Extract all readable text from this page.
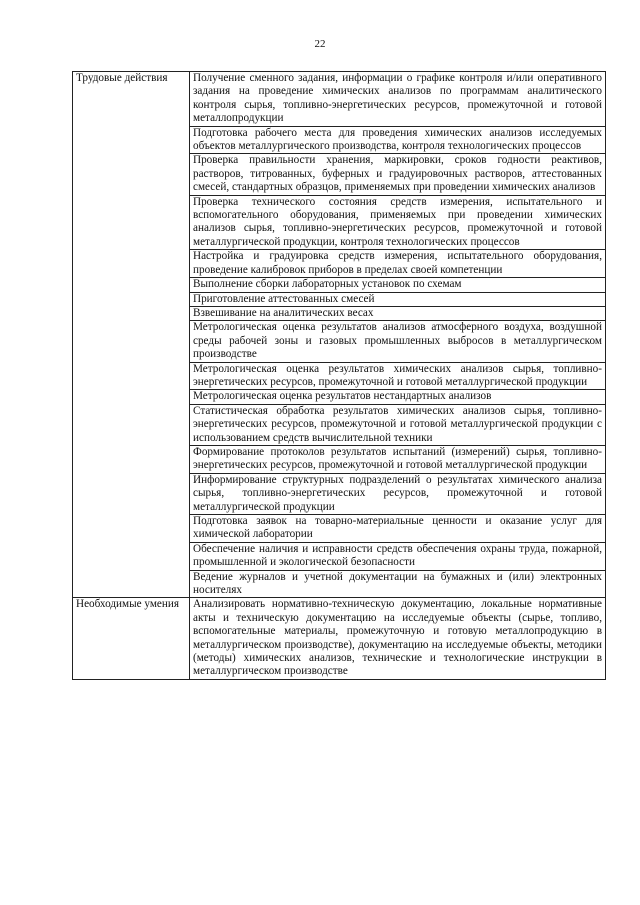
22
Трудовые действия	Получение сменного задания, информации о графике контроля и/или оперативного задания на проведение химических анализов по программам аналитического контроля сырья, топливно-энергетических ресурсов, промежуточной и готовой металлопродукции
	Подготовка рабочего места для проведения химических анализов исследуемых объектов металлургического производства, контроля технологических процессов
	Проверка правильности хранения, маркировки, сроков годности реактивов, растворов, титрованных, буферных и градуировочных растворов, аттестованных смесей, стандартных образцов, применяемых при проведении химических анализов
	Проверка технического состояния средств измерения, испытательного и вспомогательного оборудования, применяемых при проведении химических анализов сырья, топливно-энергетических ресурсов, промежуточной и готовой металлургической продукции, контроля технологических процессов
	Настройка и градуировка средств измерения, испытательного оборудования, проведение калибровок приборов в пределах своей компетенции
	Выполнение сборки лабораторных установок по схемам
	Приготовление аттестованных смесей
	Взвешивание на аналитических весах
	Метрологическая оценка результатов анализов атмосферного воздуха, воздушной среды рабочей зоны и газовых промышленных выбросов в металлургическом производстве
	Метрологическая оценка результатов химических анализов сырья, топливно-энергетических ресурсов, промежуточной и готовой металлургической продукции
	Метрологическая оценка результатов нестандартных анализов
	Статистическая обработка результатов химических анализов сырья, топливно-энергетических ресурсов, промежуточной и готовой металлургической продукции с использованием средств вычислительной техники
	Формирование протоколов результатов испытаний (измерений) сырья, топливно-энергетических ресурсов, промежуточной и готовой металлургической продукции
	Информирование структурных подразделений о результатах химического анализа сырья, топливно-энергетических ресурсов, промежуточной и готовой металлургической продукции
	Подготовка заявок на товарно-материальные ценности и оказание услуг для химической лаборатории
	Обеспечение наличия и исправности средств обеспечения охраны труда, пожарной, промышленной и экологической безопасности
	Ведение журналов и учетной документации на бумажных и (или) электронных носителях
Необходимые умения	Анализировать нормативно-техническую документацию, локальные нормативные акты и техническую документацию на исследуемые объекты (сырье, топливо, вспомогательные материалы, промежуточную и готовую металлопродукцию в металлургическом производстве), документацию на исследуемые объекты, методики (методы) химических анализов, технические и технологические инструкции в металлургическом производстве
